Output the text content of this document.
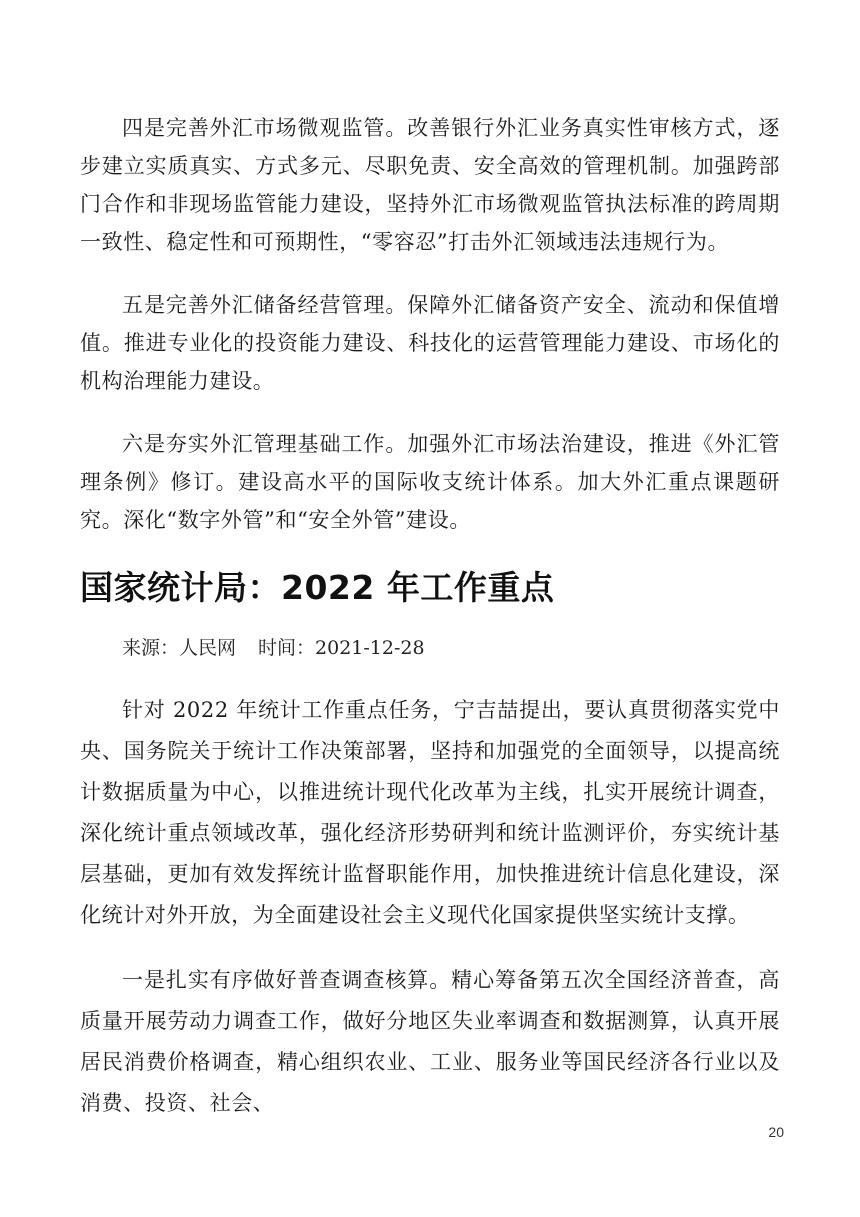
四是完善外汇市场微观监管。改善银行外汇业务真实性审核方式，逐步建立实质真实、方式多元、尽职免责、安全高效的管理机制。加强跨部门合作和非现场监管能力建设，坚持外汇市场微观监管执法标准的跨周期一致性、稳定性和可预期性，“零容忍”打击外汇领域违法违规行为。

五是完善外汇储备经营管理。保障外汇储备资产安全、流动和保值增值。推进专业化的投资能力建设、科技化的运营管理能力建设、市场化的机构治理能力建设。

六是夯实外汇管理基础工作。加强外汇市场法治建设，推进《外汇管理条例》修订。建设高水平的国际收支统计体系。加大外汇重点课题研究。深化“数字外管”和“安全外管”建设。

国家统计局：2022 年工作重点

来源：人民网 时间：2021-12-28

针对 2022 年统计工作重点任务，宁吉喆提出，要认真贯彻落实党中央、国务院关于统计工作决策部署，坚持和加强党的全面领导，以提高统计数据质量为中心，以推进统计现代化改革为主线，扎实开展统计调查，深化统计重点领域改革，强化经济形势研判和统计监测评价，夯实统计基层基础，更加有效发挥统计监督职能作用，加快推进统计信息化建设，深化统计对外开放，为全面建设社会主义现代化国家提供坚实统计支撑。

一是扎实有序做好普查调查核算。精心筹备第五次全国经济普查，高质量开展劳动力调查工作，做好分地区失业率调查和数据测算，认真开展居民消费价格调查，精心组织农业、工业、服务业等国民经济各行业以及消费、投资、社会、

20
